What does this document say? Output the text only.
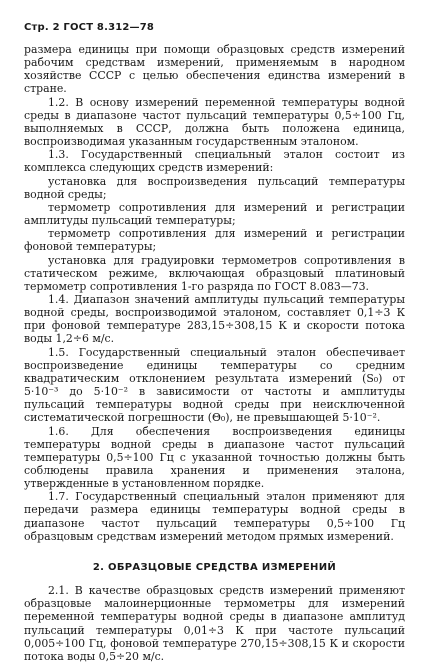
Стр. 2 ГОСТ 8.312—78

размера единицы при помощи образцовых средств измерений рабочим средствам измерений, применяемым в народном хозяйстве СССР с целью обеспечения единства измерений в стране.

1.2. В основу измерений переменной температуры водной среды в диапазоне частот пульсаций температуры 0,5÷100 Гц, выполняемых в СССР, должна быть положена единица, воспроизводимая указанным государственным эталоном.

1.3. Государственный специальный эталон состоит из комплекса следующих средств измерений:

установка для воспроизведения пульсаций температуры водной среды;

термометр сопротивления для измерений и регистрации амплитуды пульсаций температуры;

термометр сопротивления для измерений и регистрации фоновой температуры;

установка для градуировки термометров сопротивления в статическом режиме, включающая образцовый платиновый термометр сопротивления 1-го разряда по ГОСТ 8.083—73.

1.4. Диапазон значений амплитуды пульсаций температуры водной среды, воспроизводимой эталоном, составляет 0,1÷3 К при фоновой температуре 283,15÷308,15 К и скорости потока воды 1,2÷6 м/с.

1.5. Государственный специальный эталон обеспечивает воспроизведение единицы температуры со средним квадратическим отклонением результата измерений (S₀) от 5·10⁻³ до 5·10⁻² в зависимости от частоты и амплитуды пульсаций температуры водной среды при неисключенной систематической погрешности (Θ₀), не превышающей 5·10⁻².

1.6. Для обеспечения воспроизведения единицы температуры водной среды в диапазоне частот пульсаций температуры 0,5÷100 Гц с указанной точностью должны быть соблюдены правила хранения и применения эталона, утвержденные в установленном порядке.

1.7. Государственный специальный эталон применяют для передачи размера единицы температуры водной среды в диапазоне частот пульсаций температуры 0,5÷100 Гц образцовым средствам измерений методом прямых измерений.

2. ОБРАЗЦОВЫЕ СРЕДСТВА ИЗМЕРЕНИЙ

2.1. В качестве образцовых средств измерений применяют образцовые малоинерционные термометры для измерений переменной температуры водной среды в диапазоне амплитуд пульсаций температуры 0,01÷3 К при частоте пульсаций 0,005÷100 Гц, фоновой температуре 270,15÷308,15 К и скорости потока воды 0,5÷20 м/с.
